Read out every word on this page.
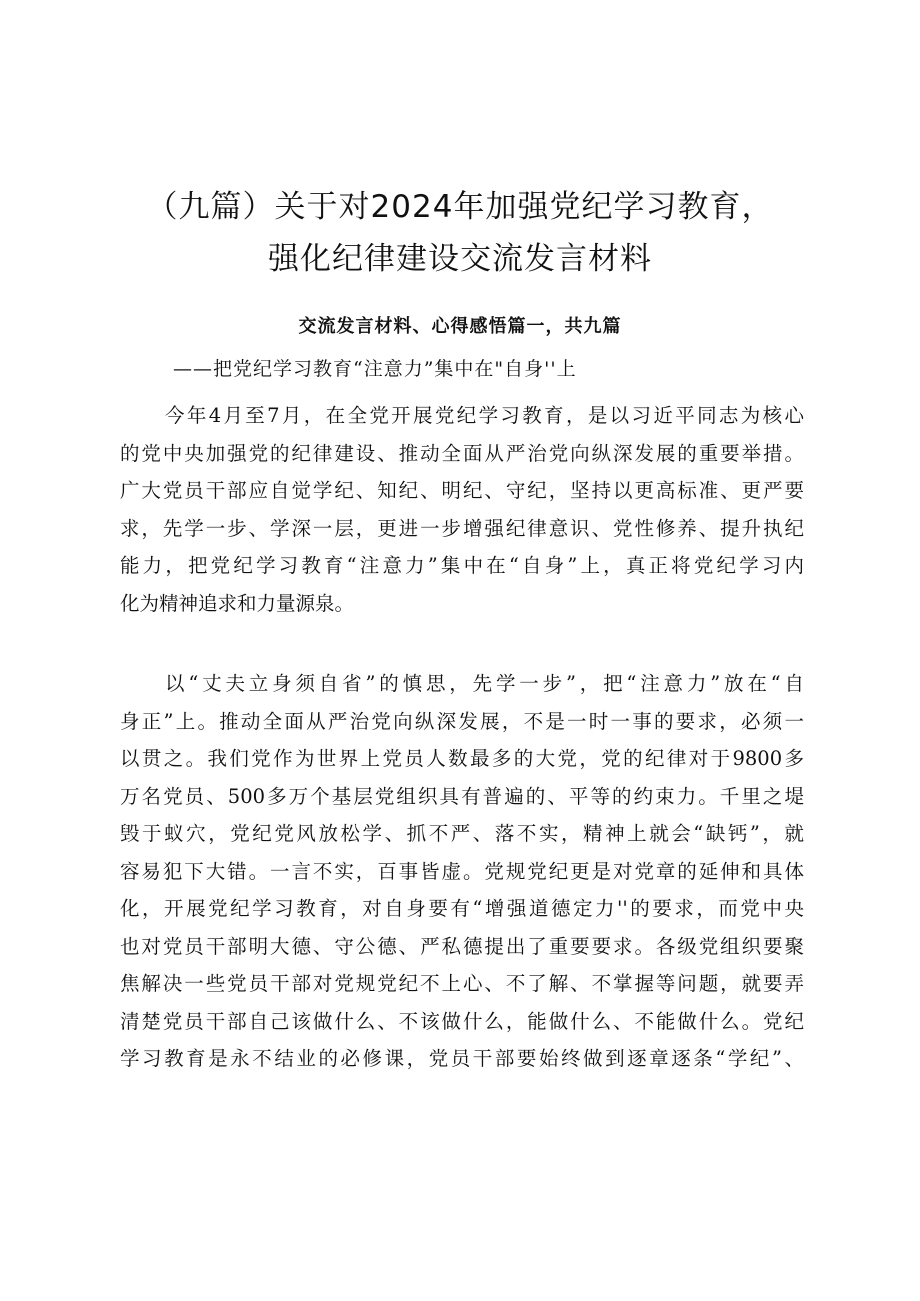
（九篇）关于对2024年加强党纪学习教育，
强化纪律建设交流发言材料
交流发言材料、心得感悟篇一，共九篇
——把党纪学习教育“注意力”集中在"自身''上
今年4月至7月，在全党开展党纪学习教育，是以习近平同志为核心
的党中央加强党的纪律建设、推动全面从严治党向纵深发展的重要举措。
广大党员干部应自觉学纪、知纪、明纪、守纪，坚持以更高标准、更严要
求，先学一步、学深一层，更进一步增强纪律意识、党性修养、提升执纪
能力，把党纪学习教育“注意力”集中在“自身”上，真正将党纪学习内
化为精神追求和力量源泉。
以“丈夫立身须自省”的慎思，先学一步”，把“注意力”放在“自
身正”上。推动全面从严治党向纵深发展，不是一时一事的要求，必须一
以贯之。我们党作为世界上党员人数最多的大党，党的纪律对于9800多
万名党员、500多万个基层党组织具有普遍的、平等的约束力。千里之堤
毁于蚁穴，党纪党风放松学、抓不严、落不实，精神上就会“缺钙”，就
容易犯下大错。一言不实，百事皆虚。党规党纪更是对党章的延伸和具体
化，开展党纪学习教育，对自身要有“增强道德定力''的要求，而党中央
也对党员干部明大德、守公德、严私德提出了重要要求。各级党组织要聚
焦解决一些党员干部对党规党纪不上心、不了解、不掌握等问题，就要弄
清楚党员干部自己该做什么、不该做什么，能做什么、不能做什么。党纪
学习教育是永不结业的必修课，党员干部要始终做到逐章逐条“学纪”、
